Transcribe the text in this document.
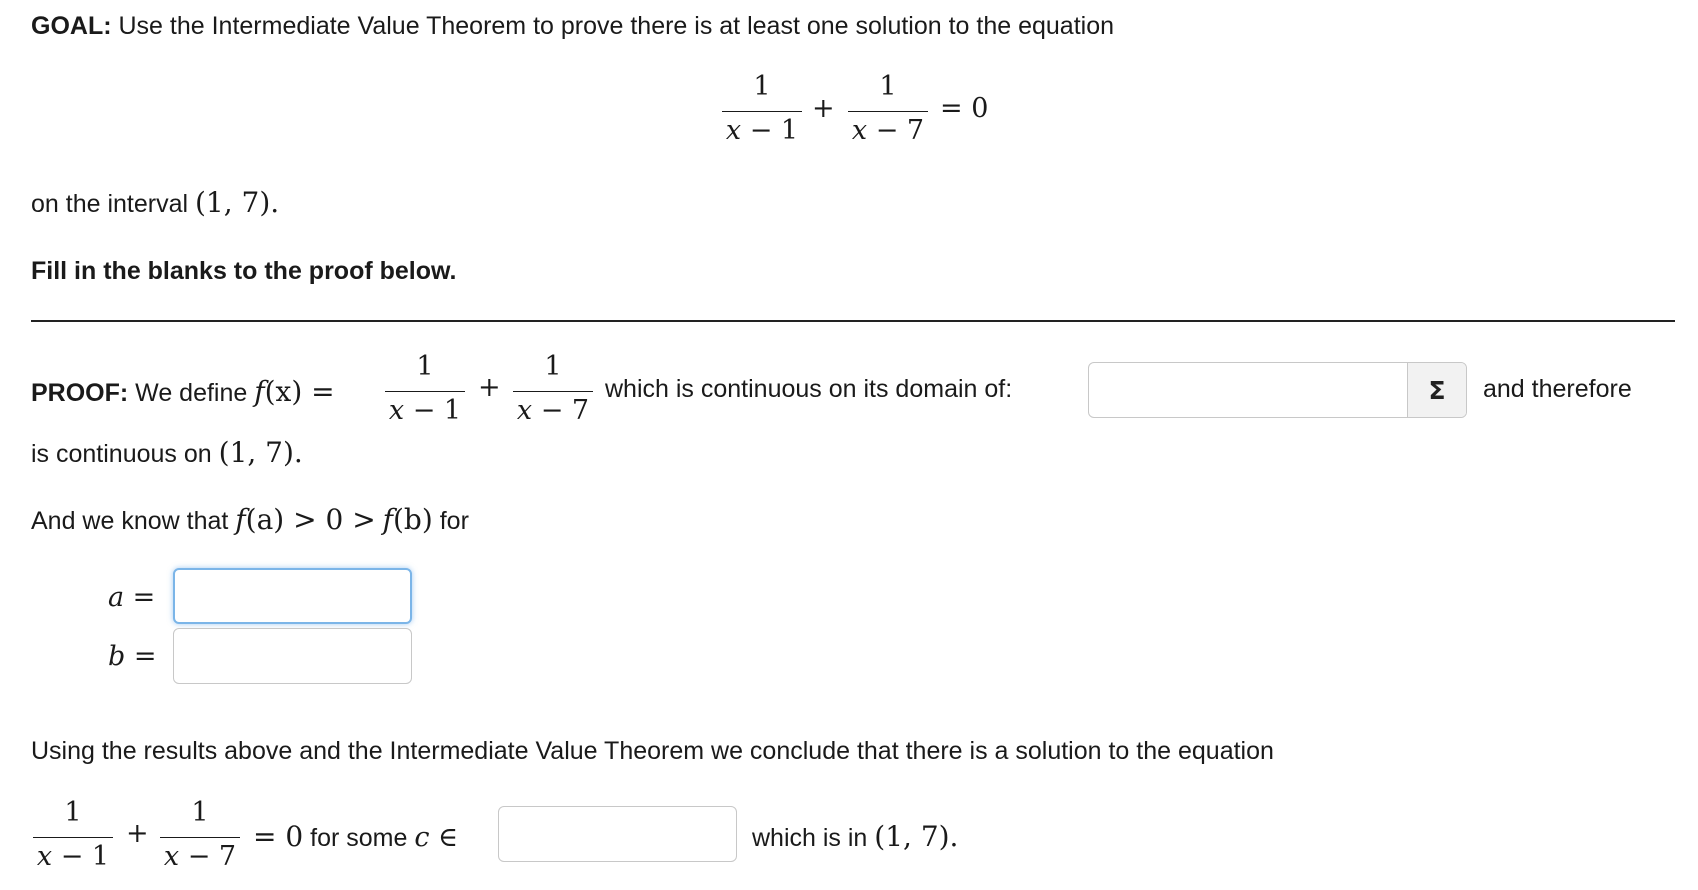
GOAL: Use the Intermediate Value Theorem to prove there is at least one solution to the equation
1
x − 1
+
1
x − 7
= 0
on the interval (1, 7).
Fill in the blanks to the proof below.
PROOF: We define f(x) =
1
x − 1
+
1
x − 7
which is continuous on its domain of:	Σ	and therefore
is continuous on (1, 7).
And we know that f(a) > 0 > f(b) for
a =
b =
Using the results above and the Intermediate Value Theorem we conclude that there is a solution to the equation
1
x − 1
+
1
x − 7
= 0 for some c ∈	which is in (1, 7).
